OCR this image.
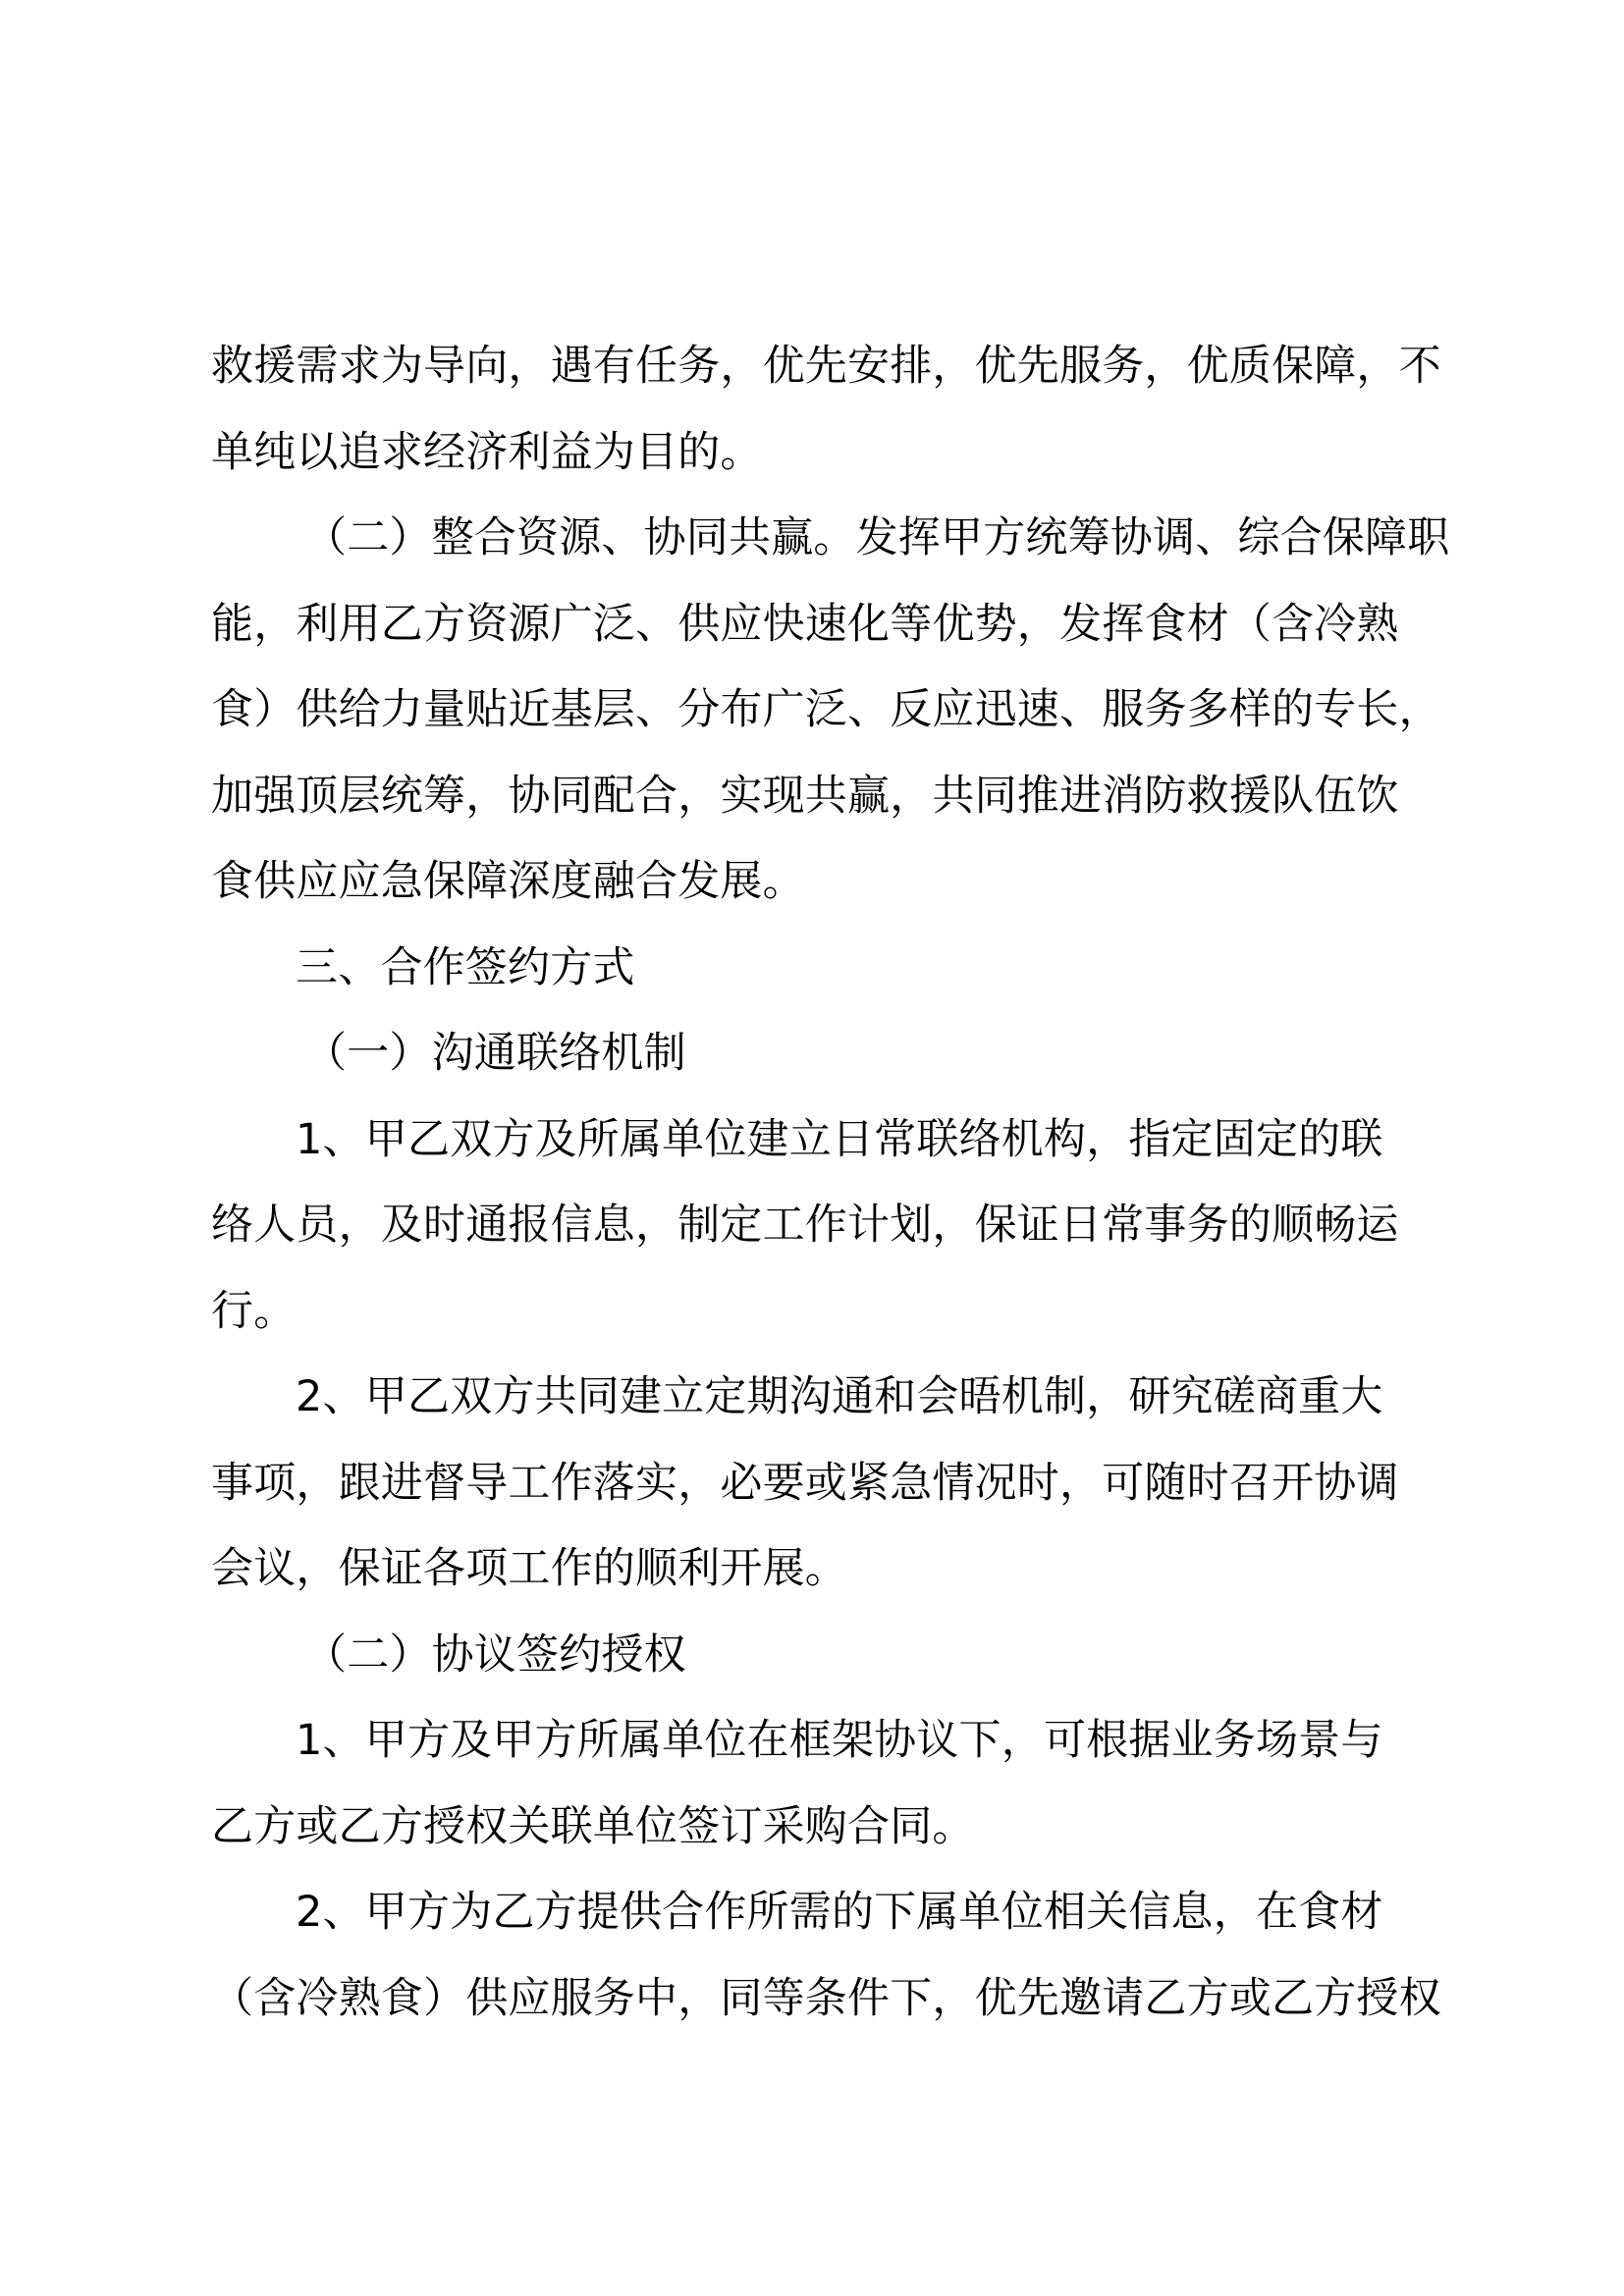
救援需求为导向，遇有任务，优先安排，优先服务，优质保障，不
单纯以追求经济利益为目的。
（二）整合资源、协同共赢。发挥甲方统筹协调、综合保障职
能，利用乙方资源广泛、供应快速化等优势，发挥食材（含冷熟
食）供给力量贴近基层、分布广泛、反应迅速、服务多样的专长，
加强顶层统筹，协同配合，实现共赢，共同推进消防救援队伍饮
食供应应急保障深度融合发展。
三、合作签约方式
（一）沟通联络机制
1、甲乙双方及所属单位建立日常联络机构，指定固定的联
络人员，及时通报信息，制定工作计划，保证日常事务的顺畅运
行。
2、甲乙双方共同建立定期沟通和会晤机制，研究磋商重大
事项，跟进督导工作落实，必要或紧急情况时，可随时召开协调
会议，保证各项工作的顺利开展。
（二）协议签约授权
1、甲方及甲方所属单位在框架协议下，可根据业务场景与
乙方或乙方授权关联单位签订采购合同。
2、甲方为乙方提供合作所需的下属单位相关信息，在食材
（含冷熟食）供应服务中，同等条件下，优先邀请乙方或乙方授权
